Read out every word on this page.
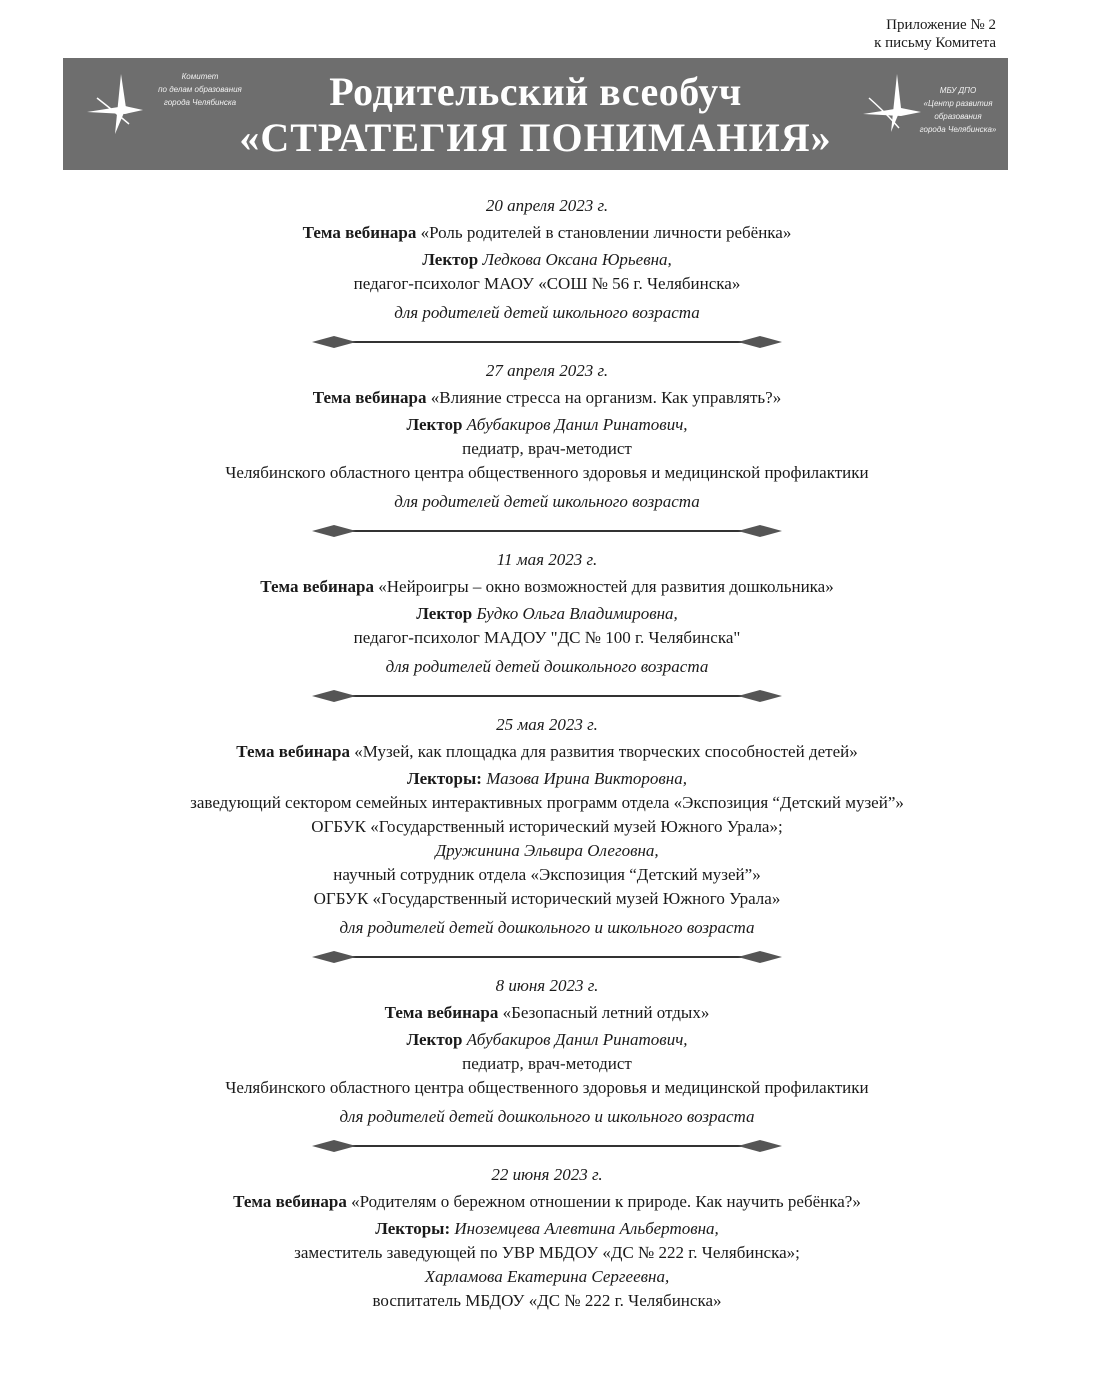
Приложение № 2
к письму Комитета
Комитет
по делам образования
города Челябинска	Родительский всеобуч
«СТРАТЕГИЯ ПОНИМАНИЯ»
МБУ ДПО
«Центр развития образования
города Челябинска»
20 апреля 2023 г.
Тема вебинара «Роль родителей в становлении личности ребёнка»
Лектор Ледкова Оксана Юрьевна,
педагог-психолог МАОУ «СОШ № 56 г. Челябинска»
для родителей детей школьного возраста
27 апреля 2023 г.
Тема вебинара «Влияние стресса на организм. Как управлять?»
Лектор Абубакиров Данил Ринатович,
педиатр, врач-методист
Челябинского областного центра общественного здоровья и медицинской профилактики
для родителей детей школьного возраста
11 мая 2023 г.
Тема вебинара «Нейроигры – окно возможностей для развития дошкольника»
Лектор Будко Ольга Владимировна,
педагог-психолог МАДОУ "ДС № 100 г. Челябинска"
для родителей детей дошкольного возраста
25 мая 2023 г.
Тема вебинара «Музей, как площадка для развития творческих способностей детей»
Лекторы: Мазова Ирина Викторовна,
заведующий сектором семейных интерактивных программ отдела «Экспозиция “Детский музей”»
ОГБУК «Государственный исторический музей Южного Урала»;
Дружинина Эльвира Олеговна,
научный сотрудник отдела «Экспозиция “Детский музей”»
ОГБУК «Государственный исторический музей Южного Урала»
для родителей детей дошкольного и школьного возраста
8 июня 2023 г.
Тема вебинара «Безопасный летний отдых»
Лектор Абубакиров Данил Ринатович,
педиатр, врач-методист
Челябинского областного центра общественного здоровья и медицинской профилактики
для родителей детей дошкольного и школьного возраста
22 июня 2023 г.
Тема вебинара «Родителям о бережном отношении к природе. Как научить ребёнка?»
Лекторы: Иноземцева Алевтина Альбертовна,
заместитель заведующей по УВР МБДОУ «ДС № 222 г. Челябинска»;
Харламова Екатерина Сергеевна,
воспитатель МБДОУ «ДС № 222 г. Челябинска»
